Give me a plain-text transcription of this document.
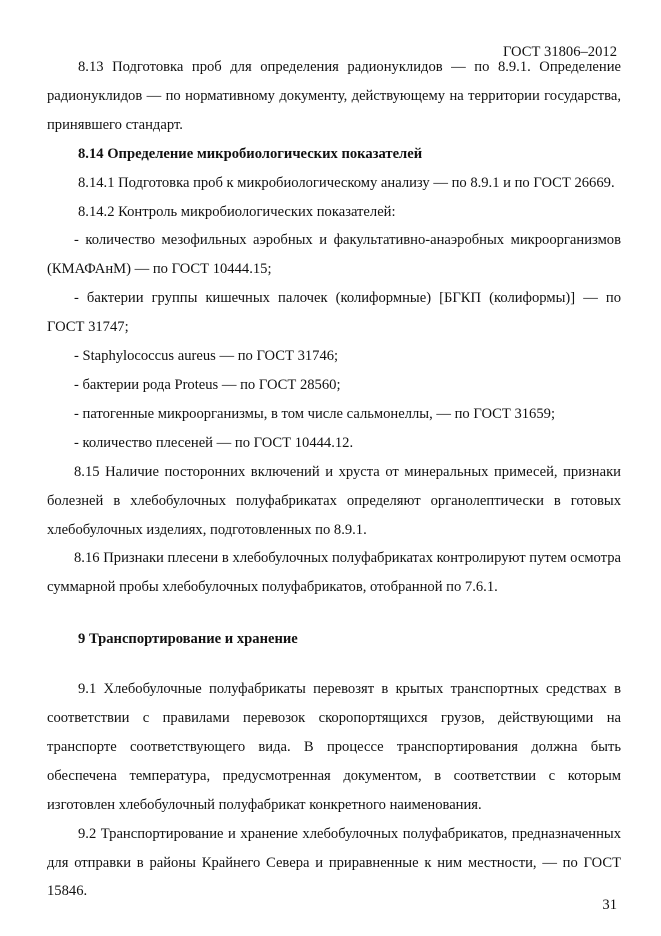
ГОСТ 31806–2012

8.13 Подготовка проб для определения радионуклидов — по 8.9.1. Определение радионуклидов — по нормативному документу, действующему на территории государства, принявшего стандарт.

8.14 Определение микробиологических показателей

8.14.1 Подготовка проб к микробиологическому анализу — по 8.9.1 и по ГОСТ 26669.

8.14.2 Контроль микробиологических показателей:

- количество мезофильных аэробных и факультативно-анаэробных микроорганизмов (КМАФАнМ) — по ГОСТ 10444.15;

- бактерии группы кишечных палочек (колиформные) [БГКП (колиформы)] — по ГОСТ 31747;

- Staphylococcus aureus — по ГОСТ 31746;

- бактерии рода Proteus — по ГОСТ 28560;

- патогенные микроорганизмы, в том числе сальмонеллы, — по ГОСТ 31659;

- количество плесеней — по ГОСТ 10444.12.

8.15 Наличие посторонних включений и хруста от минеральных примесей, признаки болезней в хлебобулочных полуфабрикатах определяют органолептически в готовых хлебобулочных изделиях, подготовленных по 8.9.1.

8.16 Признаки плесени в хлебобулочных полуфабрикатах контролируют путем осмотра суммарной пробы хлебобулочных полуфабрикатов, отобранной по 7.6.1.

9 Транспортирование и хранение

9.1 Хлебобулочные полуфабрикаты перевозят в крытых транспортных средствах в соответствии с правилами перевозок скоропортящихся грузов, действующими на транспорте соответствующего вида. В процессе транспортирования должна быть обеспечена температура, предусмотренная документом, в соответствии с которым изготовлен хлебобулочный полуфабрикат конкретного наименования.

9.2 Транспортирование и хранение хлебобулочных полуфабрикатов, предназначенных для отправки в районы Крайнего Севера и приравненные к ним местности, — по ГОСТ 15846.

31
